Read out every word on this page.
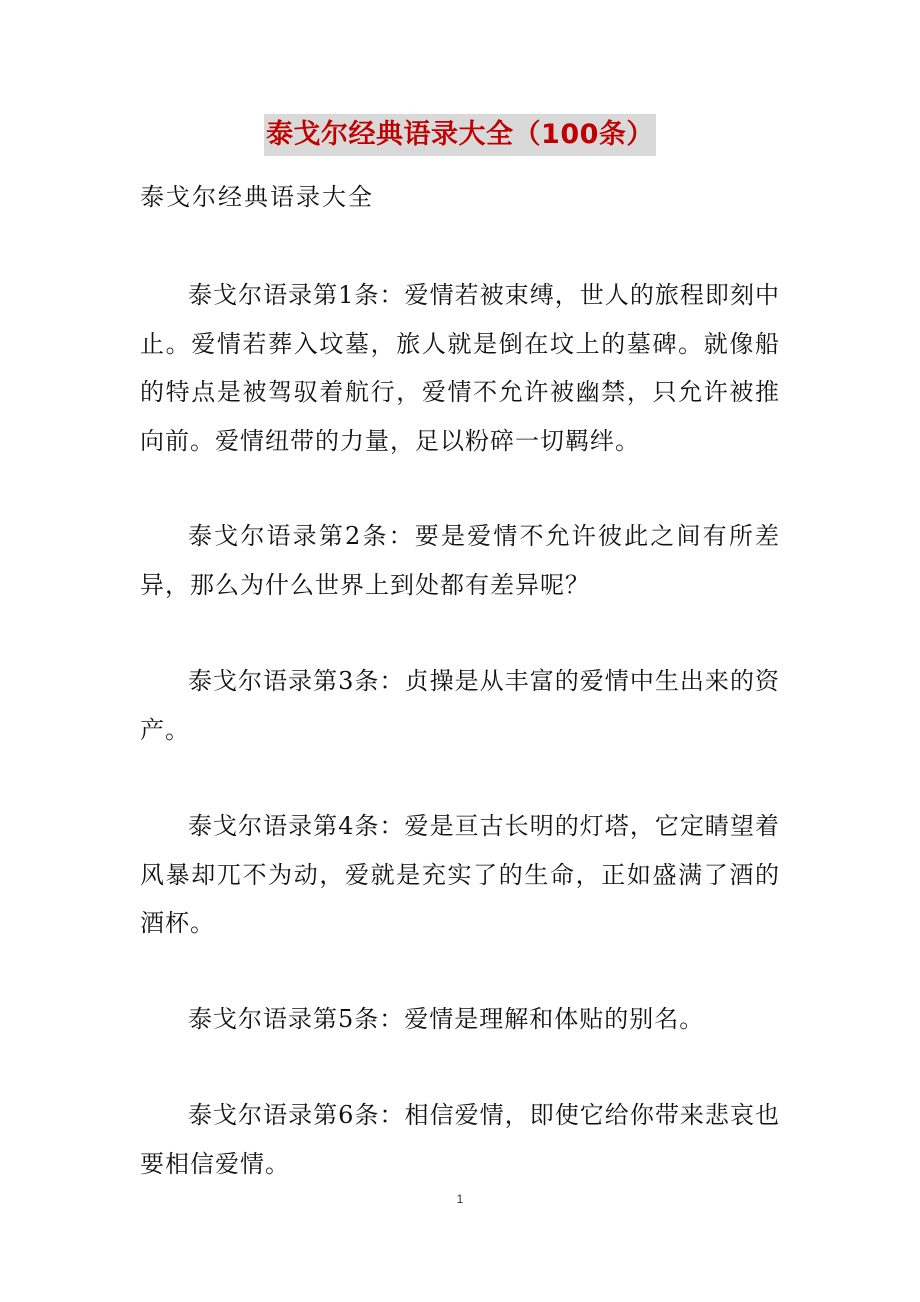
泰戈尔经典语录大全（100条）
泰戈尔经典语录大全

泰戈尔语录第1条：爱情若被束缚，世人的旅程即刻中止。爱情若葬入坟墓，旅人就是倒在坟上的墓碑。就像船的特点是被驾驭着航行，爱情不允许被幽禁，只允许被推向前。爱情纽带的力量，足以粉碎一切羁绊。

泰戈尔语录第2条：要是爱情不允许彼此之间有所差异，那么为什么世界上到处都有差异呢？

泰戈尔语录第3条：贞操是从丰富的爱情中生出来的资产。

泰戈尔语录第4条：爱是亘古长明的灯塔，它定睛望着风暴却兀不为动，爱就是充实了的生命，正如盛满了酒的酒杯。

泰戈尔语录第5条：爱情是理解和体贴的别名。

泰戈尔语录第6条：相信爱情，即使它给你带来悲哀也要相信爱情。

1
